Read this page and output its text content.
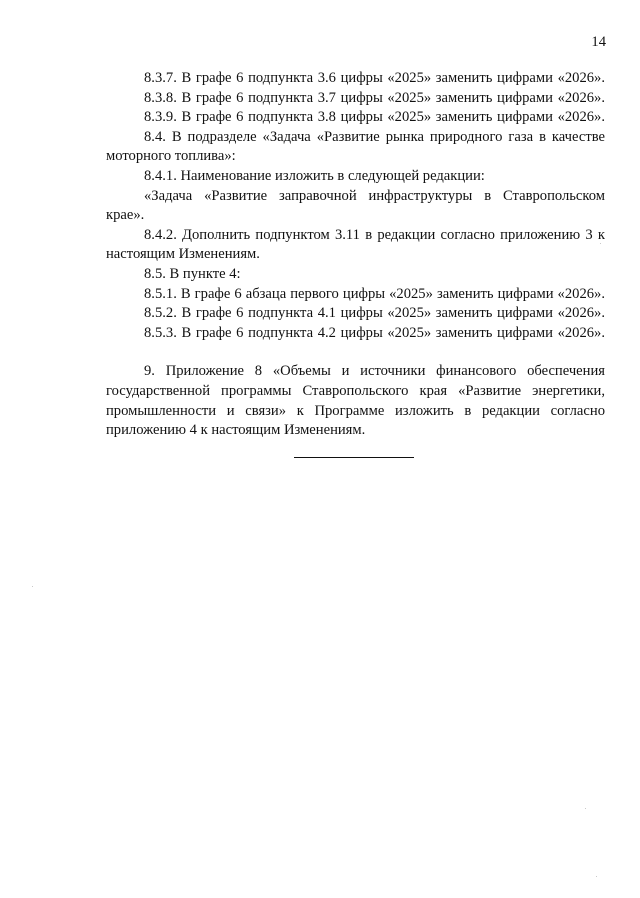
14

8.3.7. В графе 6 подпункта 3.6 цифры «2025» заменить цифрами «2026».

8.3.8. В графе 6 подпункта 3.7 цифры «2025» заменить цифрами «2026».

8.3.9. В графе 6 подпункта 3.8 цифры «2025» заменить цифрами «2026».

8.4. В подразделе «Задача «Развитие рынка природного газа в качестве моторного топлива»:

8.4.1. Наименование изложить в следующей редакции:

«Задача «Развитие заправочной инфраструктуры в Ставропольском крае».

8.4.2. Дополнить подпунктом 3.11 в редакции согласно приложению 3 к настоящим Изменениям.

8.5. В пункте 4:

8.5.1. В графе 6 абзаца первого цифры «2025» заменить цифрами «2026».

8.5.2. В графе 6 подпункта 4.1 цифры «2025» заменить цифрами «2026».

8.5.3. В графе 6 подпункта 4.2 цифры «2025» заменить цифрами «2026».

9. Приложение 8 «Объемы и источники финансового обеспечения государственной программы Ставропольского края «Развитие энергетики, промышленности и связи» к Программе изложить в редакции согласно приложению 4 к настоящим Изменениям.
